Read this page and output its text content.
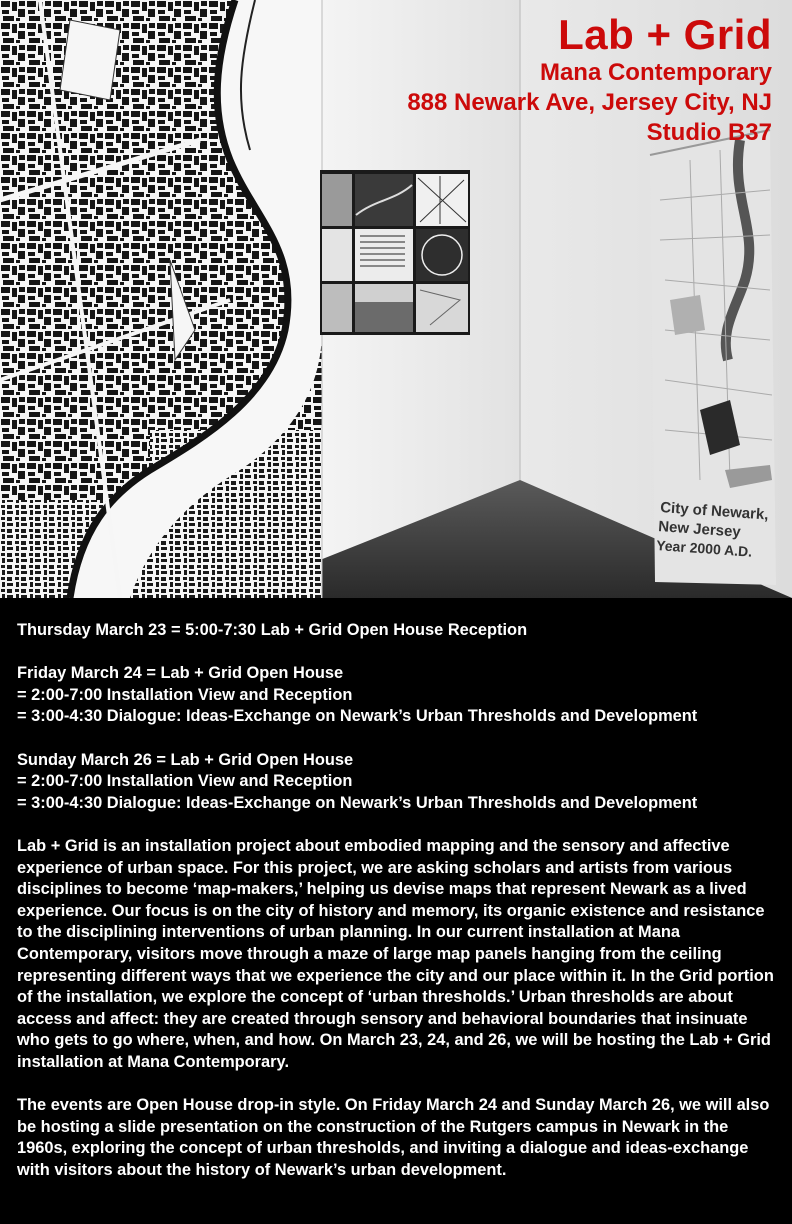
City of Newark,
New Jersey
Year 2000 A.D.
Lab + Grid
Mana Contemporary
888 Newark Ave, Jersey City, NJ
Studio B37
Thursday March 23 = 5:00-7:30 Lab + Grid Open House Reception
Friday March 24 = Lab + Grid Open House
= 2:00-7:00 Installation View and Reception
= 3:00-4:30 Dialogue: Ideas-Exchange on Newark’s Urban Thresholds and Development
Sunday March 26 = Lab + Grid Open House
= 2:00-7:00 Installation View and Reception
= 3:00-4:30 Dialogue: Ideas-Exchange on Newark’s Urban Thresholds and Development

Lab + Grid is an installation project about embodied mapping and the sensory and affective experience of urban space. For this project, we are asking scholars and artists from various disciplines to become ‘map-makers,’ helping us devise maps that represent Newark as a lived experience. Our focus is on the city of history and memory, its organic existence and resistance to the disciplining interventions of urban planning. In our current installation at Mana Contemporary, visitors move through a maze of large map panels hanging from the ceiling representing different ways that we experience the city and our place within it. In the Grid portion of the installation, we explore the concept of ‘urban thresholds.’ Urban thresholds are about access and affect: they are created through sensory and behavioral boundaries that insinuate who gets to go where, when, and how. On March 23, 24, and 26, we will be hosting the Lab + Grid installation at Mana Contemporary.

The events are Open House drop-in style. On Friday March 24 and Sunday March 26, we will also be hosting a slide presentation on the construction of the Rutgers campus in Newark in the 1960s, exploring the concept of urban thresholds, and inviting a dialogue and ideas-exchange with visitors about the history of Newark’s urban development.
